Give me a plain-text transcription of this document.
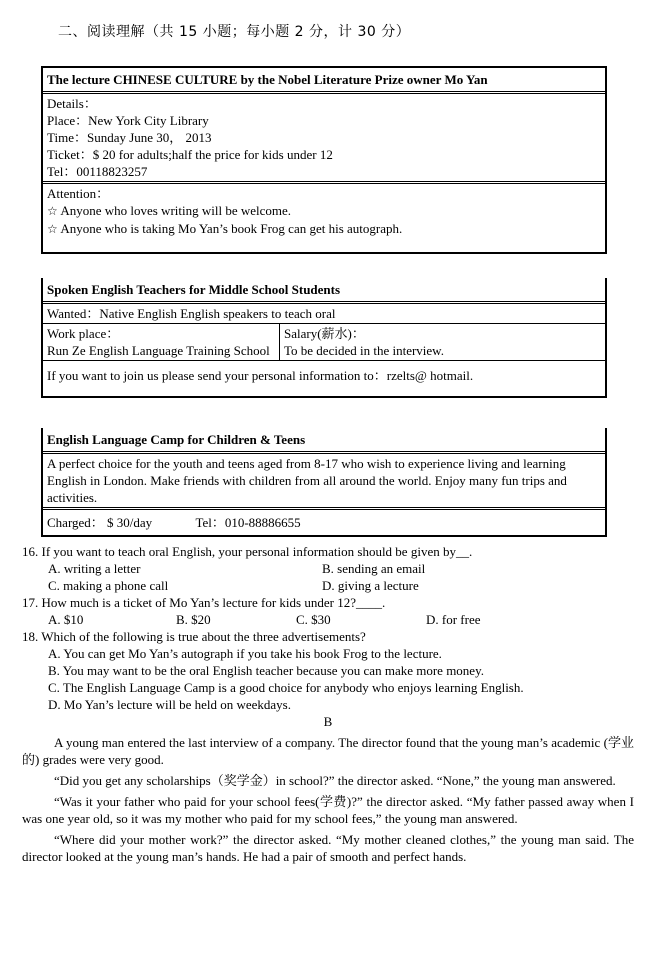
二、阅读理解（共 15 小题；每小题 2 分，计 30 分）
The lecture CHINESE CULTURE by the Nobel Literature Prize owner Mo Yan
Details：
Place：New York City Library
Time：Sunday June 30， 2013
Ticket：$ 20 for adults;half the price for kids under 12
Tel：00118823257
Attention：
☆ Anyone who loves writing will be welcome.
☆ Anyone who is taking Mo Yan’s book Frog can get his autograph.
Spoken English Teachers for Middle School Students
Wanted：Native English English speakers to teach oral
Work place：
Run Ze English Language Training School
Salary(薪水)：
To be decided in the interview.
If you want to join us please send your personal information to：rzelts@ hotmail.
English Language Camp for Children & Teens
A perfect choice for the youth and teens aged from 8-17 who wish to experience living and learning English in London. Make friends with children from all around the world. Enjoy many fun trips and activities.
Charged： $ 30/day	Tel：010-88886655
16. If you want to teach oral English, your personal information should be given by__.
A. writing a letter	B. sending an email
C. making a phone call	D. giving a lecture
17. How much is a ticket of Mo Yan’s lecture for kids under 12?____.
A. $10	B. $20	C. $30	D. for free
18. Which of the following is true about the three advertisements?
A. You can get Mo Yan’s autograph if you take his book Frog to the lecture.
B. You may want to be the oral English teacher because you can make more money.
C. The English Language Camp is a good choice for anybody who enjoys learning English.
D. Mo Yan’s lecture will be held on weekdays.
B
A young man entered the last interview of a company. The director found that the young man’s academic (学业的) grades were very good.
“Did you get any scholarships（奖学金）in school?” the director asked. “None,” the young man answered.
“Was it your father who paid for your school fees(学费)?” the director asked. “My father passed away when I was one year old, so it was my mother who paid for my school fees,” the young man answered.
“Where did your mother work?” the director asked. “My mother cleaned clothes,” the young man said. The director looked at the young man’s hands. He had a pair of smooth and perfect hands.
